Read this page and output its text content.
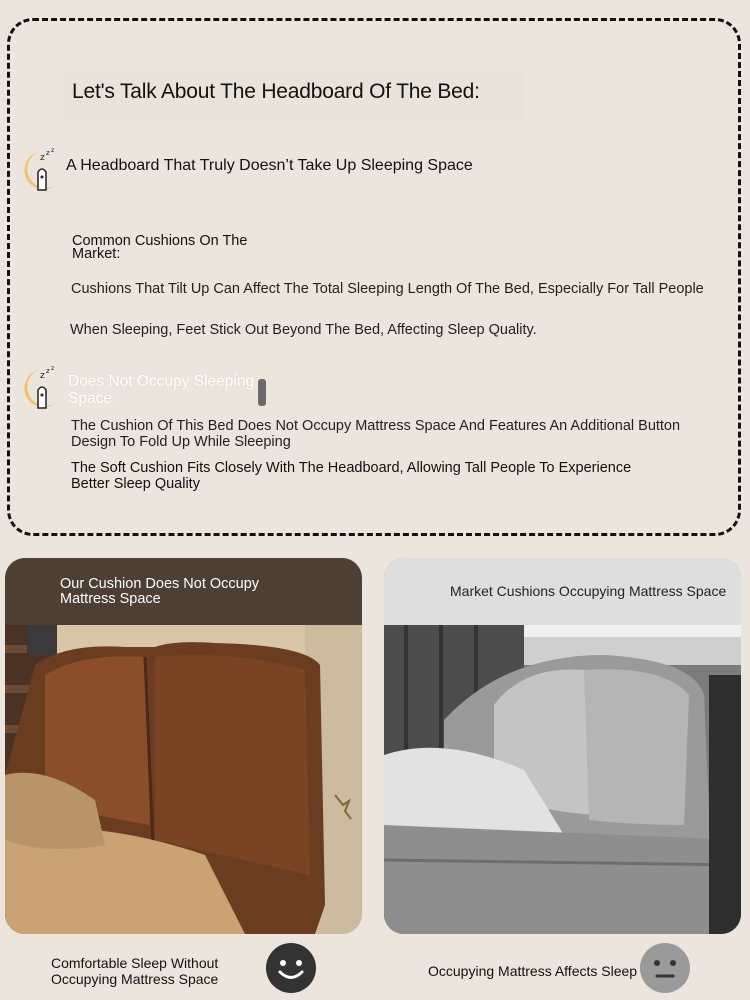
Let's Talk About The Headboard Of The Bed:
z z z
A Headboard That Truly Doesn’t Take Up Sleeping Space
Common Cushions On The
Market:
Cushions That Tilt Up Can Affect The Total Sleeping Length Of The Bed, Especially For Tall People
When Sleeping, Feet Stick Out Beyond The Bed, Affecting Sleep Quality.
z z z
Does Not Occupy Sleeping
Space:
The Cushion Of This Bed Does Not Occupy Mattress Space And Features An Additional Button
Design To Fold Up While Sleeping
The Soft Cushion Fits Closely With The Headboard, Allowing Tall People To Experience
Better Sleep Quality
Our Cushion Does Not Occupy
Mattress Space	Market Cushions Occupying Mattress Space
Comfortable Sleep Without
Occupying Mattress Space	Occupying Mattress Affects Sleep
